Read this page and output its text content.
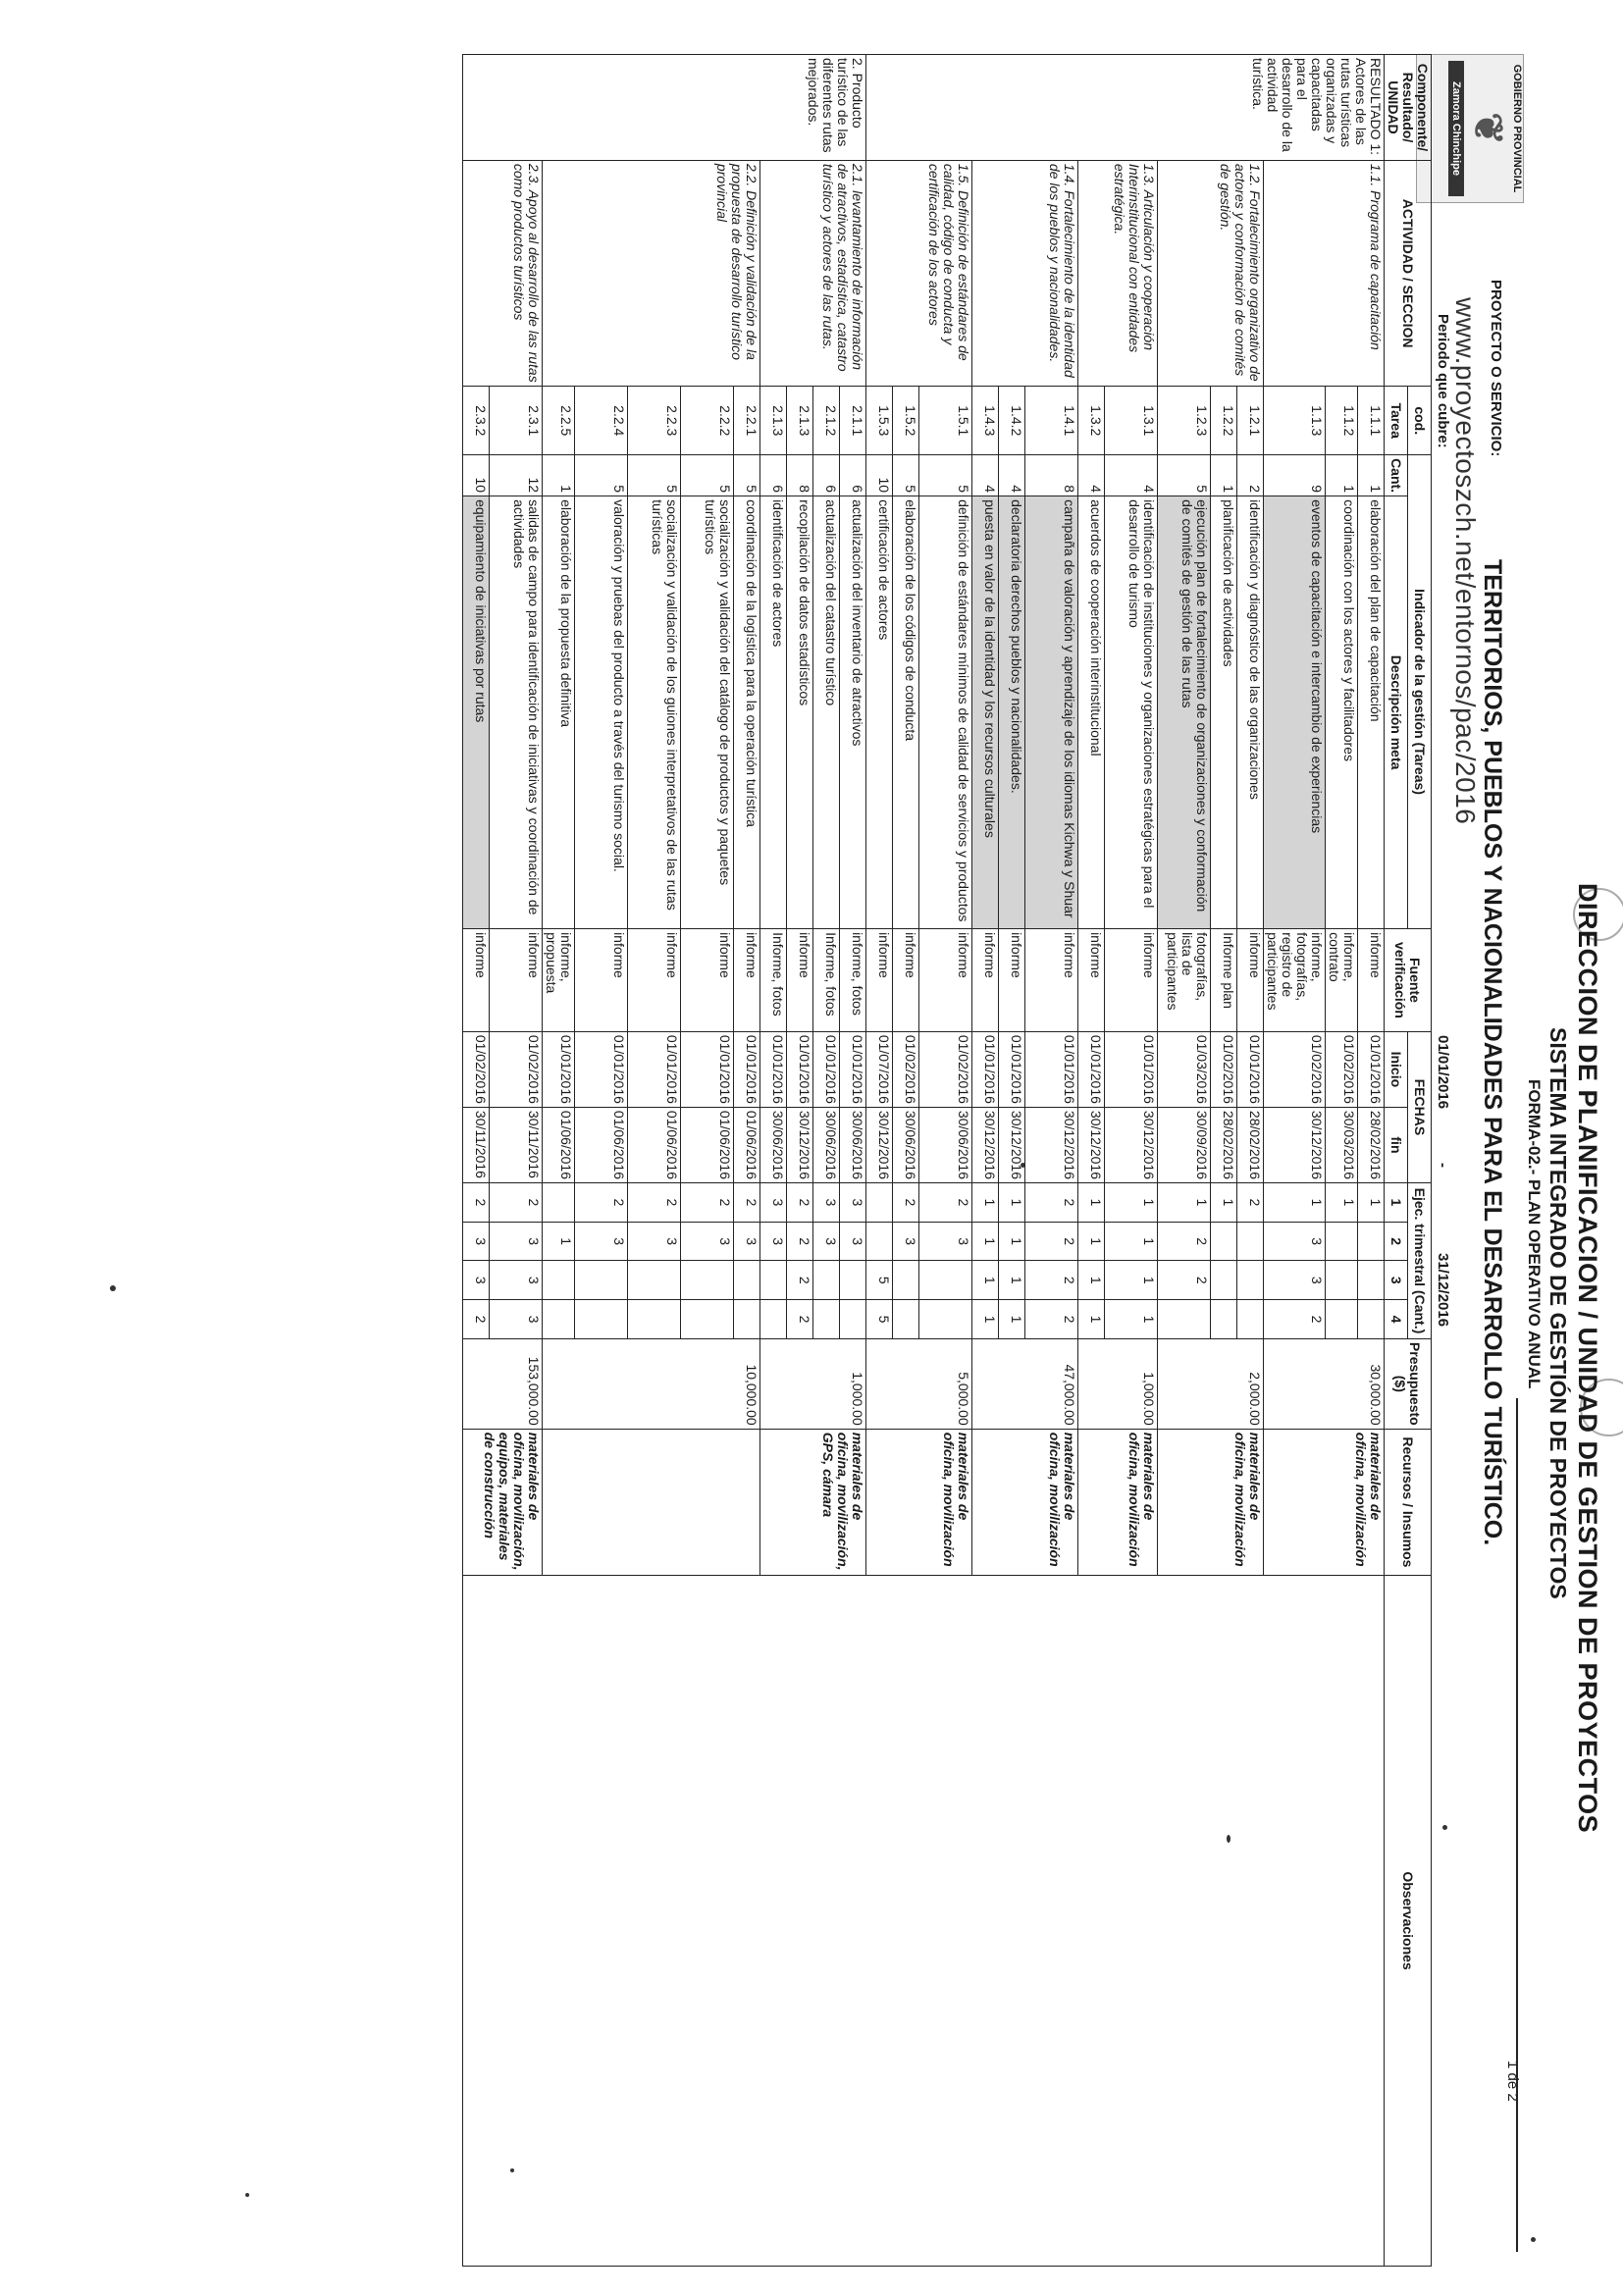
1 de 2
DIRECCION DE PLANIFICACION / UNIDAD DE GESTION DE PROYECTOS
SISTEMA INTEGRADO DE GESTIÓN DE PROYECTOS
FORMA-02.- PLAN OPERATIVO ANUAL
GOBIERNO PROVINCIAL
❦
Zamora Chinchipe
PROYECTO O SERVICIO:
TERRITORIOS, PUEBLOS Y NACIONALIDADES PARA EL DESARROLLO TURÍSTICO.
www.proyectoszch.net/entornos/pac/2016
Periodo que cubre:
01/01/2016
-
31/12/2016
Componente/ Resultado/ UNIDAD	ACTIVIDAD / SECCION	cod.	Indicador de la gestión (Tareas)		Fuente verificación	FECHAS		Ejec. trimestral (Cant.)				Presupuesto ($)	Recursos / Insumos	Observaciones
		Tarea	Cant.	Descripción meta		Inicio	fin	1	2	3	4			
RESULTADO 1: Actores de las rutas turísticas organizadas y capacitadas para el desarrollo de la actividad turística.	1.1. Programa de capacitación	1.1.1	1	elaboración del plan de capacitación	informe	01/01/2016	28/02/2016	1				30,000.00	materiales de oficina, movilización	
		1.1.2	1	coordinación con los actores y facilitadores	informe, contrato	01/02/2016	30/03/2016	1						
		1.1.3	9	eventos de capacitación e intercambio de experiencias	informe, fotografías, registro de participantes	01/02/2016	30/12/2016	1	3	3	2			
	1.2. Fortalecimiento organizativo de actores y conformación de comités de gestión.	1.2.1	2	identificación y diagnóstico de las organizaciones	informe	01/01/2016	28/02/2016	2				2,000.00	materiales de oficina, movilización	
		1.2.2	1	planificación de actividades	Informe plan	01/02/2016	28/02/2016	1						
		1.2.3	5	ejecución plan de fortalecimiento de organizaciones y conformación de comités de gestión de las rutas	fotografías, lista de participantes	01/03/2016	30/09/2016	1	2	2				
	1.3. Articulación y cooperación Interinstitucional con entidades estratégica.	1.3.1	4	identificación de instituciones y organizaciones estratégicas para el desarrollo de turismo	informe	01/01/2016	30/12/2016	1	1	1	1	1,000.00	materiales de oficina, movilización	
		1.3.2	4	acuerdos de cooperación interinstitucional	informe	01/01/2016	30/12/2016	1	1	1	1			
	1.4. Fortalecimiento de la identidad de los pueblos y nacionalidades.	1.4.1	8	campaña de valoración y aprendizaje de los idiomas Kichwa y Shuar	informe	01/01/2016	30/12/2016	2	2	2	2	47,000.00	materiales de oficina, movilización	
		1.4.2	4	declaratoria derechos pueblos y nacionalidades.	informe	01/01/2016	30/12/2016	1	1	1	1			
		1.4.3	4	puesta en valor de la identidad y los recursos culturales	informe	01/01/2016	30/12/2016	1	1	1	1			
	1.5. Definición de estándares de calidad, código de conducta y certificación de los actores	1.5.1	5	definición de estándares mínimos de calidad de servicios y productos	informe	01/02/2016	30/06/2016	2	3			5,000.00	materiales de oficina, movilización	
		1.5.2	5	elaboración de los códigos de conducta	informe	01/02/2016	30/06/2016	2	3					
		1.5.3	10	certificación de actores	informe	01/07/2016	30/12/2016			5	5			
2. Producto turístico de las diferentes rutas mejorados.	2.1. levantamiento de información de atractivos, estadística, catastro turístico y actores de las rutas.	2.1.1	6	actualización del inventario de atractivos	informe, fotos	01/01/2016	30/06/2016	3	3			1,000.00	materiales de oficina, movilización, GPS, cámara	
		2.1.2	6	actualización del catastro turístico	Informe, fotos	01/01/2016	30/06/2016	3	3					
		2.1.3	8	recopilación de datos estadísticos	informe	01/01/2016	30/12/2016	2	2	2	2			
		2.1.3	6	identificación de actores	Informe, fotos	01/01/2016	30/06/2016	3	3					
	2.2. Definición y validación de la propuesta de desarrollo turístico provincial	2.2.1	5	coordinación de la logística para la operación turística	informe	01/01/2016	01/06/2016	2	3			10,000.00		
		2.2.2	5	socialización y validación del catálogo de productos y paquetes turísticos	informe	01/01/2016	01/06/2016	2	3					
		2.2.3	5	socialización y validación de los guiones interpretativos de las rutas turísticas	informe	01/01/2016	01/06/2016	2	3					
		2.2.4	5	valoración y pruebas del producto a través del turismo social.	informe	01/01/2016	01/06/2016	2	3					
		2.2.5	1	elaboración de la propuesta definitiva	informe, propuesta	01/01/2016	01/06/2016		1					
	2.3. Apoyo al desarrollo de las rutas como productos turísticos	2.3.1	12	salidas de campo para identificación de iniciativas y coordinación de actividades	informe	01/02/2016	30/11/2016	2	3	3	3	153,000.00	materiales de oficina, movilización, equipos, materiales de construcción	
		2.3.2	10	equipamiento de iniciativas por rutas	informe	01/02/2016	30/11/2016	2	3	3	2			
